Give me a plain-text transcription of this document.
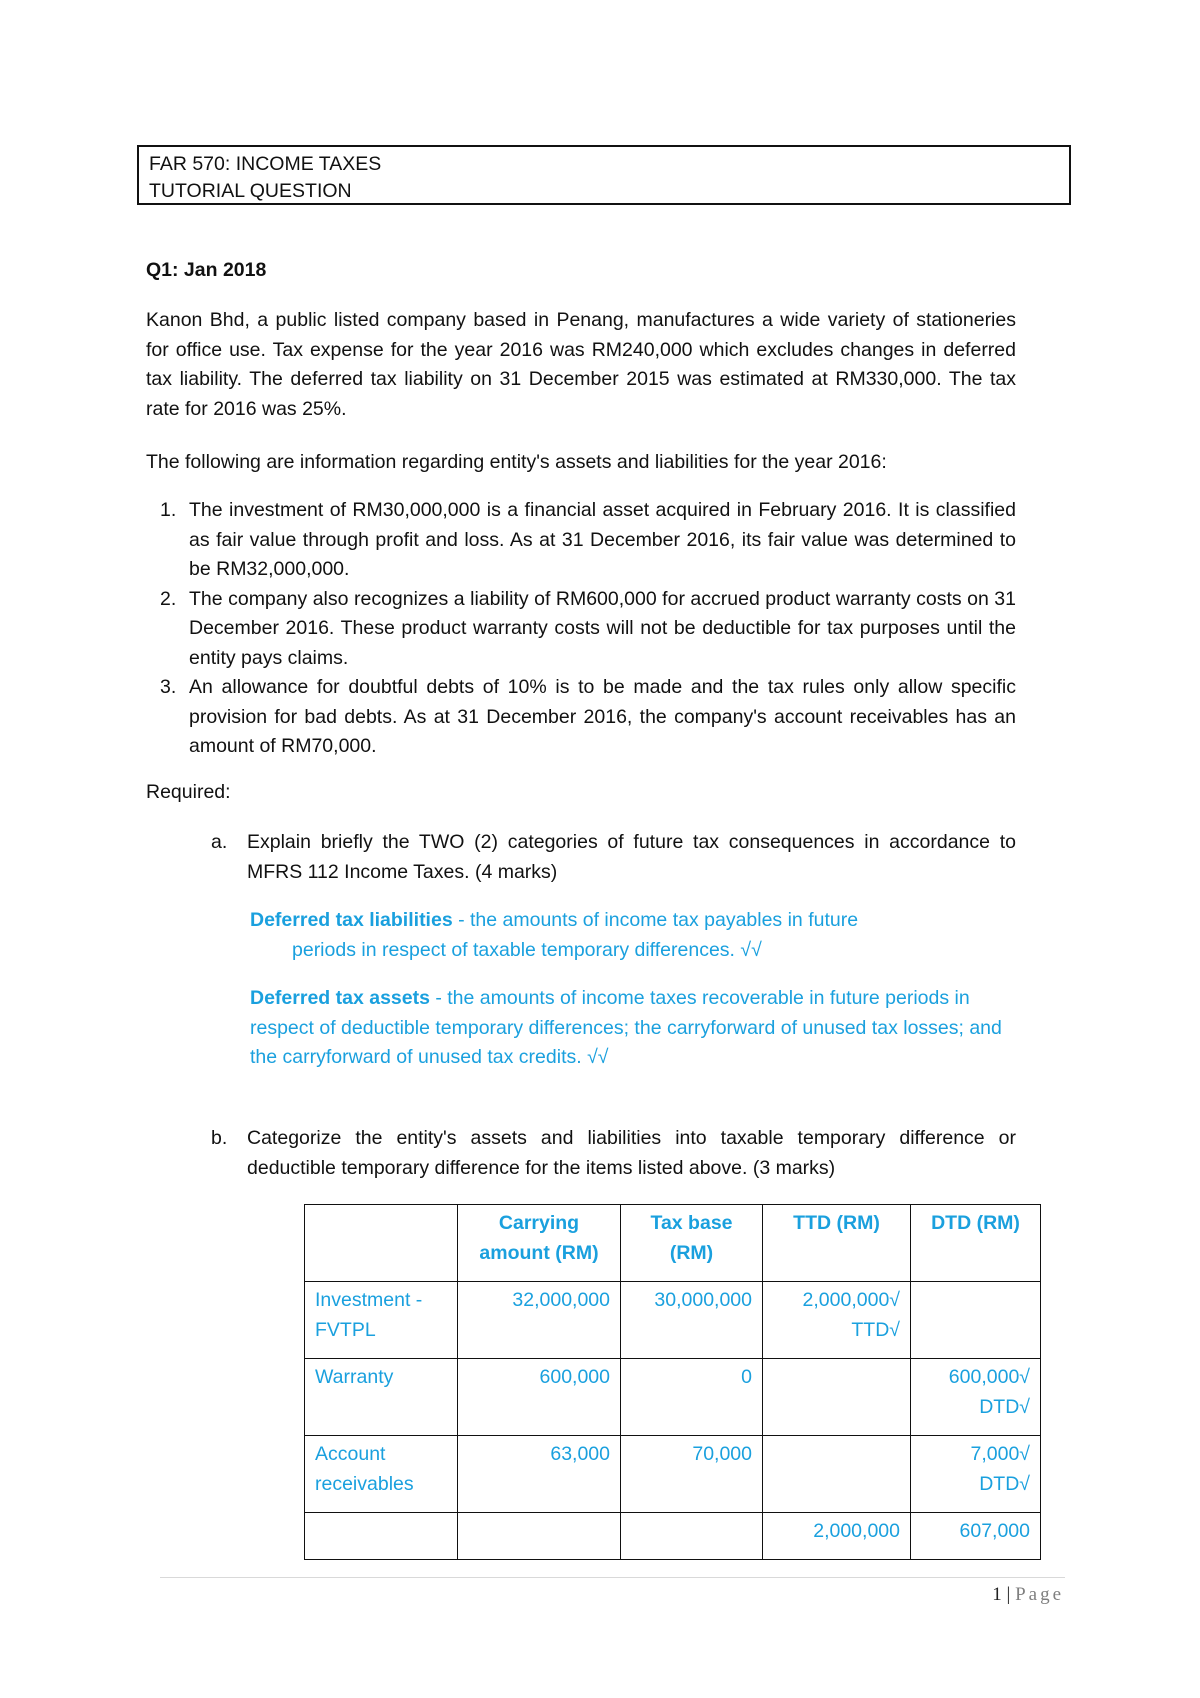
FAR 570: INCOME TAXES
TUTORIAL QUESTION
Q1: Jan 2018
Kanon Bhd, a public listed company based in Penang, manufactures a wide variety of stationeries for office use. Tax expense for the year 2016 was RM240,000 which excludes changes in deferred tax liability. The deferred tax liability on 31 December 2015 was estimated at RM330,000. The tax rate for 2016 was 25%.
The following are information regarding entity's assets and liabilities for the year 2016:
1. The investment of RM30,000,000 is a financial asset acquired in February 2016. It is classified as fair value through profit and loss. As at 31 December 2016, its fair value was determined to be RM32,000,000.
2. The company also recognizes a liability of RM600,000 for accrued product warranty costs on 31 December 2016. These product warranty costs will not be deductible for tax purposes until the entity pays claims.
3. An allowance for doubtful debts of 10% is to be made and the tax rules only allow specific provision for bad debts. As at 31 December 2016, the company's account receivables has an amount of RM70,000.
Required:
a. Explain briefly the TWO (2) categories of future tax consequences in accordance to MFRS 112 Income Taxes. (4 marks)
Deferred tax liabilities - the amounts of income tax payables in future
periods in respect of taxable temporary differences. √√
Deferred tax assets - the amounts of income taxes recoverable in future periods in respect of deductible temporary differences; the carryforward of unused tax losses; and the carryforward of unused tax credits. √√
b. Categorize the entity's assets and liabilities into taxable temporary difference or deductible temporary difference for the items listed above. (3 marks)
	Carrying amount (RM)	Tax base (RM)	TTD (RM)	DTD (RM)
Investment - FVTPL	32,000,000	30,000,000	2,000,000√
TTD√	

Warranty	600,000	0		600,000√
DTD√

Account receivables	63,000	70,000		7,000√
DTD√

			2,000,000	607,000
1 | Page
